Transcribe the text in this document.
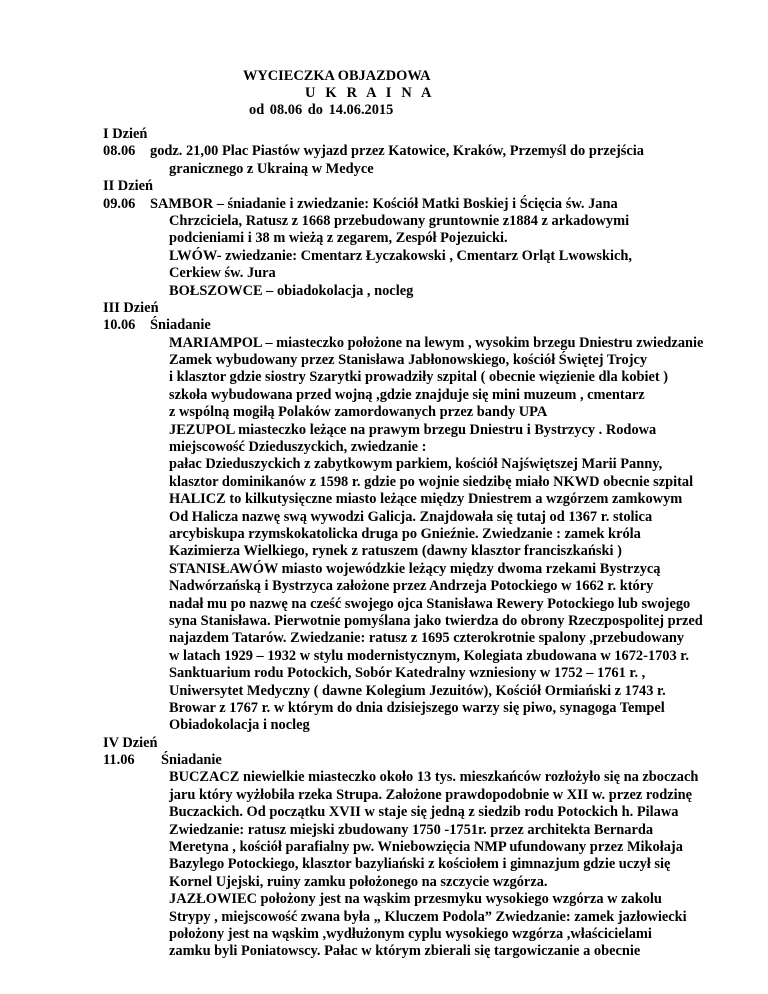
WYCIECZKA OBJAZDOWA
U K R A I N A
od 08.06 do 14.06.2015
I Dzień
08.06 godz. 21,00 Plac Piastów wyjazd przez Katowice, Kraków, Przemyśl do przejścia
granicznego z Ukrainą w Medyce
II Dzień
09.06 SAMBOR – śniadanie i zwiedzanie: Kościół Matki Boskiej i Ścięcia św. Jana
Chrzciciela, Ratusz z 1668 przebudowany gruntownie z1884 z arkadowymi
podcieniami i 38 m wieżą z zegarem, Zespół Pojezuicki.
LWÓW- zwiedzanie: Cmentarz Łyczakowski , Cmentarz Orląt Lwowskich,
Cerkiew św. Jura
BOŁSZOWCE – obiadokolacja , nocleg
III Dzień
10.06 Śniadanie
MARIAMPOL – miasteczko położone na lewym , wysokim brzegu Dniestru zwiedzanie
Zamek wybudowany przez Stanisława Jabłonowskiego, kościół Świętej Trojcy
i klasztor gdzie siostry Szarytki prowadziły szpital ( obecnie więzienie dla kobiet )
szkoła wybudowana przed wojną ,gdzie znajduje się mini muzeum , cmentarz
z wspólną mogiłą Polaków zamordowanych przez bandy UPA
JEZUPOL miasteczko leżące na prawym brzegu Dniestru i Bystrzycy . Rodowa
miejscowość Dzieduszyckich, zwiedzanie :
pałac Dzieduszyckich z zabytkowym parkiem, kościół Najświętszej Marii Panny,
klasztor dominikanów z 1598 r. gdzie po wojnie siedzibę miało NKWD obecnie szpital
HALICZ to kilkutysięczne miasto leżące między Dniestrem a wzgórzem zamkowym
Od Halicza nazwę swą wywodzi Galicja. Znajdowała się tutaj od 1367 r. stolica
arcybiskupa rzymskokatolicka druga po Gnieźnie. Zwiedzanie : zamek króla
Kazimierza Wielkiego, rynek z ratuszem (dawny klasztor franciszkański )
STANISŁAWÓW miasto wojewódzkie leżący między dwoma rzekami Bystrzycą
Nadwórzańską i Bystrzyca założone przez Andrzeja Potockiego w 1662 r. który
nadał mu po nazwę na cześć swojego ojca Stanisława Rewery Potockiego lub swojego
syna Stanisława. Pierwotnie pomyślana jako twierdza do obrony Rzeczpospolitej przed
najazdem Tatarów. Zwiedzanie: ratusz z 1695 czterokrotnie spalony ,przebudowany
w latach 1929 – 1932 w stylu modernistycznym, Kolegiata zbudowana w 1672-1703 r.
Sanktuarium rodu Potockich, Sobór Katedralny wzniesiony w 1752 – 1761 r. ,
Uniwersytet Medyczny ( dawne Kolegium Jezuitów), Kościół Ormiański z 1743 r.
Browar z 1767 r. w którym do dnia dzisiejszego warzy się piwo, synagoga Tempel
Obiadokolacja i nocleg
IV Dzień
11.06 Śniadanie
BUCZACZ niewielkie miasteczko około 13 tys. mieszkańców rozłożyło się na zboczach
jaru który wyżłobiła rzeka Strupa. Założone prawdopodobnie w XII w. przez rodzinę
Buczackich. Od początku XVII w staje się jedną z siedzib rodu Potockich h. Pilawa
Zwiedzanie: ratusz miejski zbudowany 1750 -1751r. przez architekta Bernarda
Meretyna , kościół parafialny pw. Wniebowzięcia NMP ufundowany przez Mikołaja
Bazylego Potockiego, klasztor bazyliański z kościołem i gimnazjum gdzie uczył się
Kornel Ujejski, ruiny zamku położonego na szczycie wzgórza.
JAZŁOWIEC położony jest na wąskim przesmyku wysokiego wzgórza w zakolu
Strypy , miejscowość zwana była „ Kluczem Podola” Zwiedzanie: zamek jazłowiecki
położony jest na wąskim ,wydłużonym cyplu wysokiego wzgórza ,właścicielami
zamku byli Poniatowscy. Pałac w którym zbierali się targowiczanie a obecnie
